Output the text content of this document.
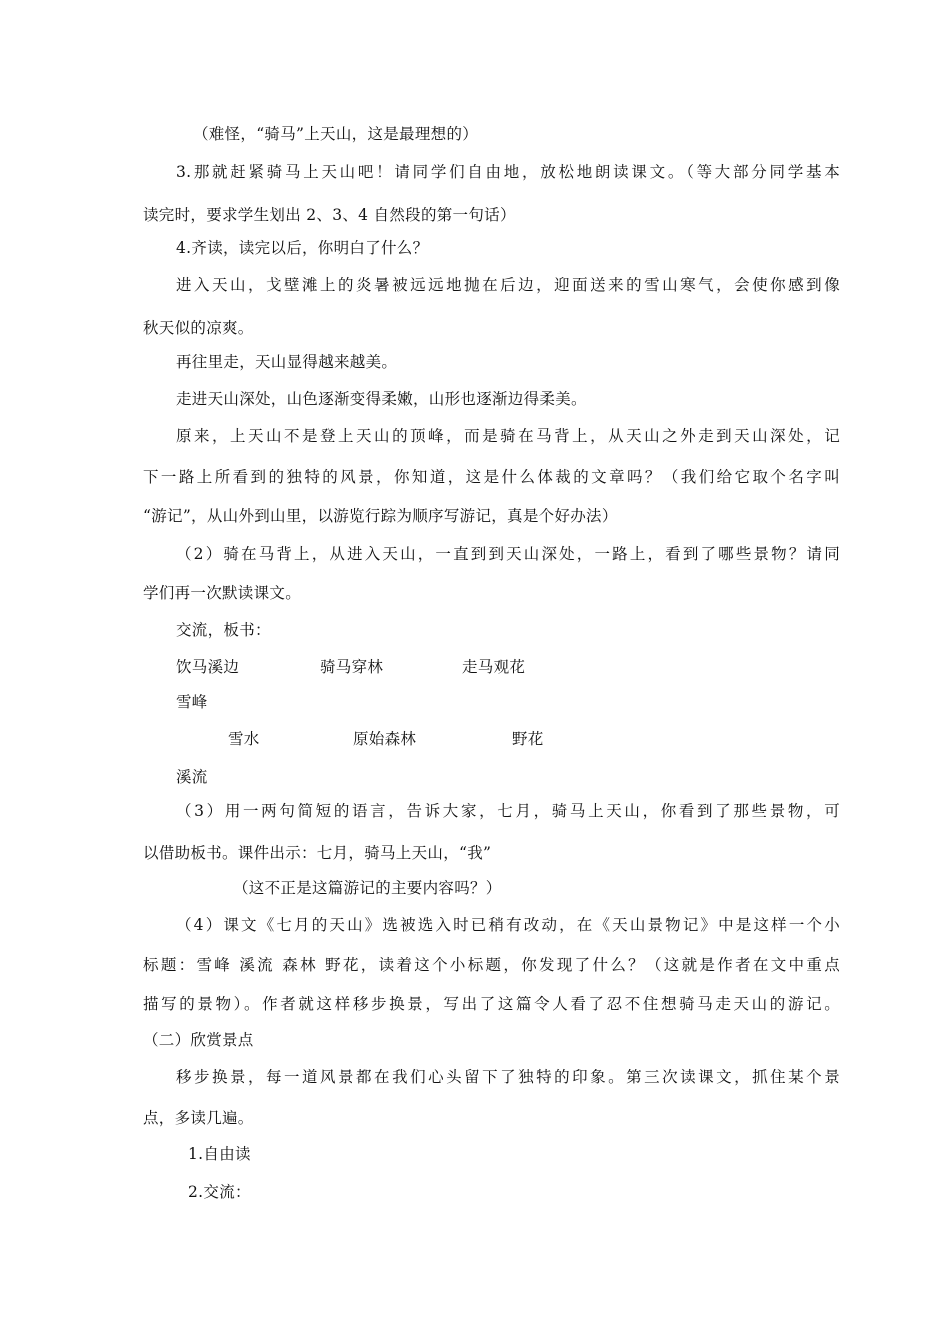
（难怪，“骑马”上天山，这是最理想的）
3.那就赶紧骑马上天山吧！请同学们自由地，放松地朗读课文。（等大部分同学基本
读完时，要求学生划出 2、3、4 自然段的第一句话）
4.齐读，读完以后，你明白了什么？
进入天山，戈壁滩上的炎暑被远远地抛在后边，迎面送来的雪山寒气，会使你感到像
秋天似的凉爽。
再往里走，天山显得越来越美。
走进天山深处，山色逐渐变得柔嫩，山形也逐渐边得柔美。
原来，上天山不是登上天山的顶峰，而是骑在马背上，从天山之外走到天山深处，记
下一路上所看到的独特的风景，你知道，这是什么体裁的文章吗？（我们给它取个名字叫
“游记”，从山外到山里，以游览行踪为顺序写游记，真是个好办法）
（2）骑在马背上，从进入天山，一直到到天山深处，一路上，看到了哪些景物？请同
学们再一次默读课文。
交流，板书：
饮马溪边	骑马穿林	走马观花
雪峰
雪水	原始森林	野花
溪流
（3）用一两句简短的语言，告诉大家，七月，骑马上天山，你看到了那些景物，可
以借助板书。课件出示：七月，骑马上天山，“我”
（这不正是这篇游记的主要内容吗？）
（4）课文《七月的天山》选被选入时已稍有改动，在《天山景物记》中是这样一个小
标题：雪峰 溪流 森林 野花，读着这个小标题，你发现了什么？（这就是作者在文中重点
描写的景物）。作者就这样移步换景，写出了这篇令人看了忍不住想骑马走天山的游记。
（二）欣赏景点
移步换景，每一道风景都在我们心头留下了独特的印象。第三次读课文，抓住某个景
点，多读几遍。
1.自由读
2.交流：
